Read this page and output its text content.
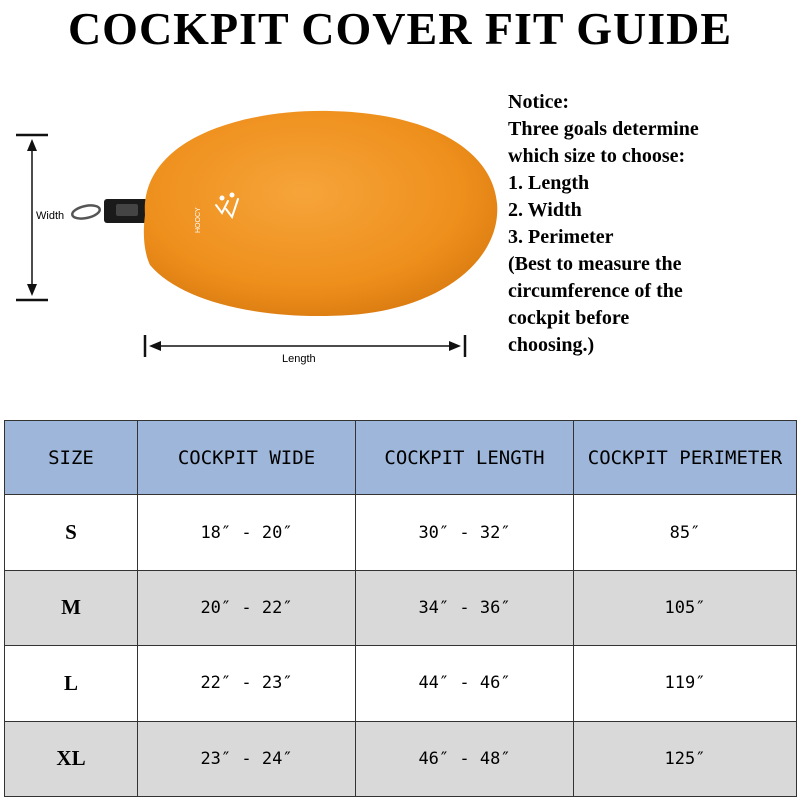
COCKPIT COVER FIT GUIDE
Width	HOOCY
Length
Notice:
Three goals determine
which size to choose:
1. Length
2. Width
3. Perimeter
(Best to measure the
circumference of the
cockpit before
choosing.)
SIZE	COCKPIT WIDE	COCKPIT LENGTH	COCKPIT PERIMETER
S	18″ - 20″	30″ - 32″	85″
M	20″ - 22″	34″ - 36″	105″
L	22″ - 23″	44″ - 46″	119″
XL	23″ - 24″	46″ - 48″	125″
